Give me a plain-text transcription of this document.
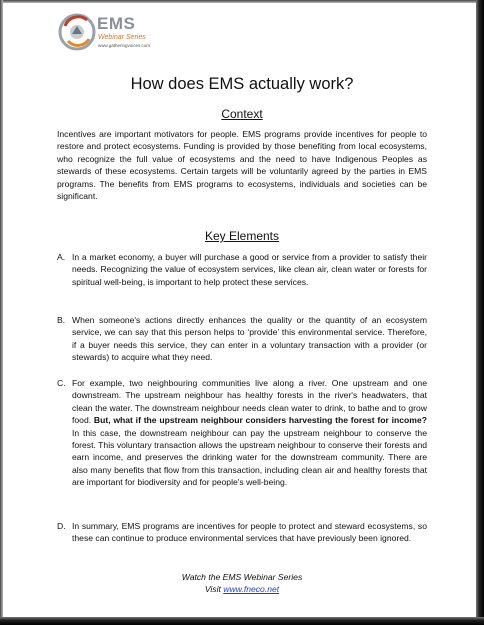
EMS
Webinar Series
www.gatheringvoices.com
How does EMS actually work?
Context
Incentives are important motivators for people. EMS programs provide incentives for people to restore and protect ecosystems. Funding is provided by those benefiting from local ecosystems, who recognize the full value of ecosystems and the need to have Indigenous Peoples as stewards of these ecosystems. Certain targets will be voluntarily agreed by the parties in EMS programs. The benefits from EMS programs to ecosystems, individuals and societies can be significant.
Key Elements
A. In a market economy, a buyer will purchase a good or service from a provider to satisfy their needs. Recognizing the value of ecosystem services, like clean air, clean water or forests for spiritual well-being, is important to help protect these services.
B. When someone's actions directly enhances the quality or the quantity of an ecosystem service, we can say that this person helps to ‘provide’ this environmental service. Therefore, if a buyer needs this service, they can enter in a voluntary transaction with a provider (or stewards) to acquire what they need.
C. For example, two neighbouring communities live along a river. One upstream and one downstream. The upstream neighbour has healthy forests in the river's headwaters, that clean the water. The downstream neighbour needs clean water to drink, to bathe and to grow food. But, what if the upstream neighbour considers harvesting the forest for income? In this case, the downstream neighbour can pay the upstream neighbour to conserve the forest. This voluntary transaction allows the upstream neighbour to conserve their forests and earn income, and preserves the drinking water for the downstream community. There are also many benefits that flow from this transaction, including clean air and healthy forests that are important for biodiversity and for people's well-being.
D. In summary, EMS programs are incentives for people to protect and steward ecosystems, so these can continue to produce environmental services that have previously been ignored.
Watch the EMS Webinar Series
Visit www.fneco.net
